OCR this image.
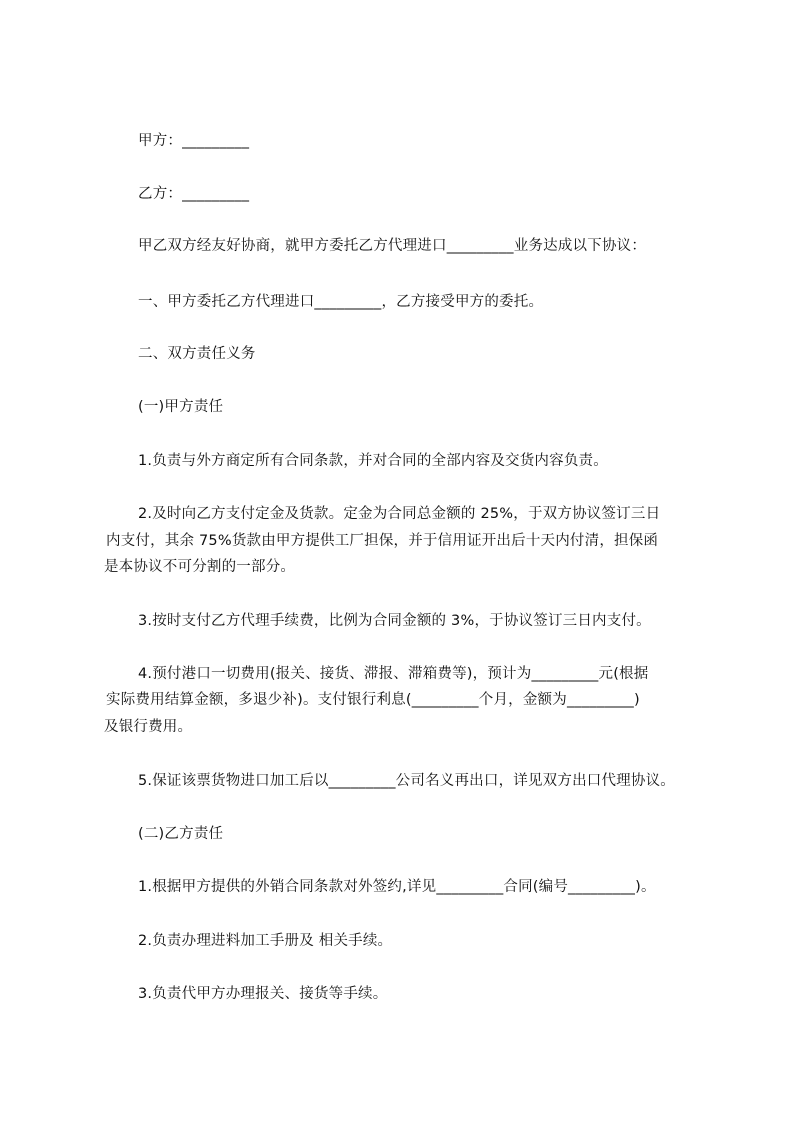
甲方：_________
乙方：_________
甲乙双方经友好协商，就甲方委托乙方代理进口_________业务达成以下协议：
一、甲方委托乙方代理进口_________，乙方接受甲方的委托。
二、双方责任义务
(一)甲方责任
1.负责与外方商定所有合同条款，并对合同的全部内容及交货内容负责。
2.及时向乙方支付定金及货款。定金为合同总金额的 25%，于双方协议签订三日
内支付，其余 75%货款由甲方提供工厂担保，并于信用证开出后十天内付清，担保函
是本协议不可分割的一部分。
3.按时支付乙方代理手续费，比例为合同金额的 3%，于协议签订三日内支付。
4.预付港口一切费用(报关、接货、滞报、滞箱费等)，预计为_________元(根据
实际费用结算金额，多退少补)。支付银行利息(_________个月，金额为_________)
及银行费用。
5.保证该票货物进口加工后以_________公司名义再出口，详见双方出口代理协议。
(二)乙方责任
1.根据甲方提供的外销合同条款对外签约,详见_________合同(编号_________)。
2.负责办理进料加工手册及 相关手续。
3.负责代甲方办理报关、接货等手续。
